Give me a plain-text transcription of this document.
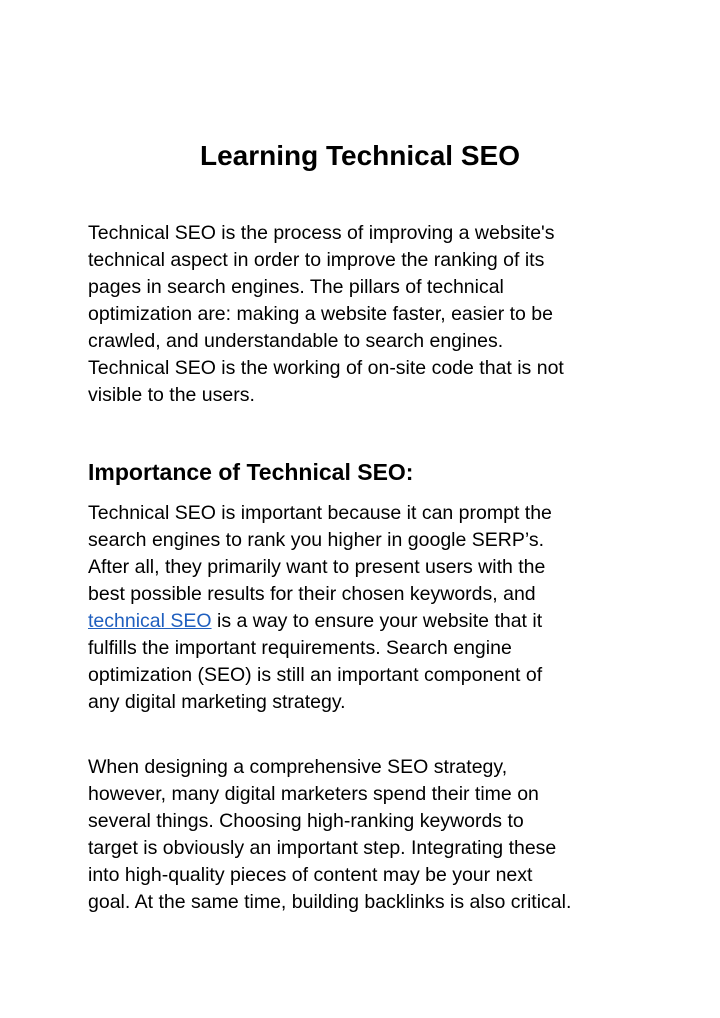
Learning Technical SEO

Technical SEO is the process of improving a website's
technical aspect in order to improve the ranking of its
pages in search engines. The pillars of technical
optimization are: making a website faster, easier to be
crawled, and understandable to search engines.
Technical SEO is the working of on-site code that is not
visible to the users.

Importance of Technical SEO:

Technical SEO is important because it can prompt the
search engines to rank you higher in google SERP’s.
After all, they primarily want to present users with the
best possible results for their chosen keywords, and
technical SEO is a way to ensure your website that it
fulfills the important requirements. Search engine
optimization (SEO) is still an important component of
any digital marketing strategy.

When designing a comprehensive SEO strategy,
however, many digital marketers spend their time on
several things. Choosing high-ranking keywords to
target is obviously an important step. Integrating these
into high-quality pieces of content may be your next
goal. At the same time, building backlinks is also critical.
